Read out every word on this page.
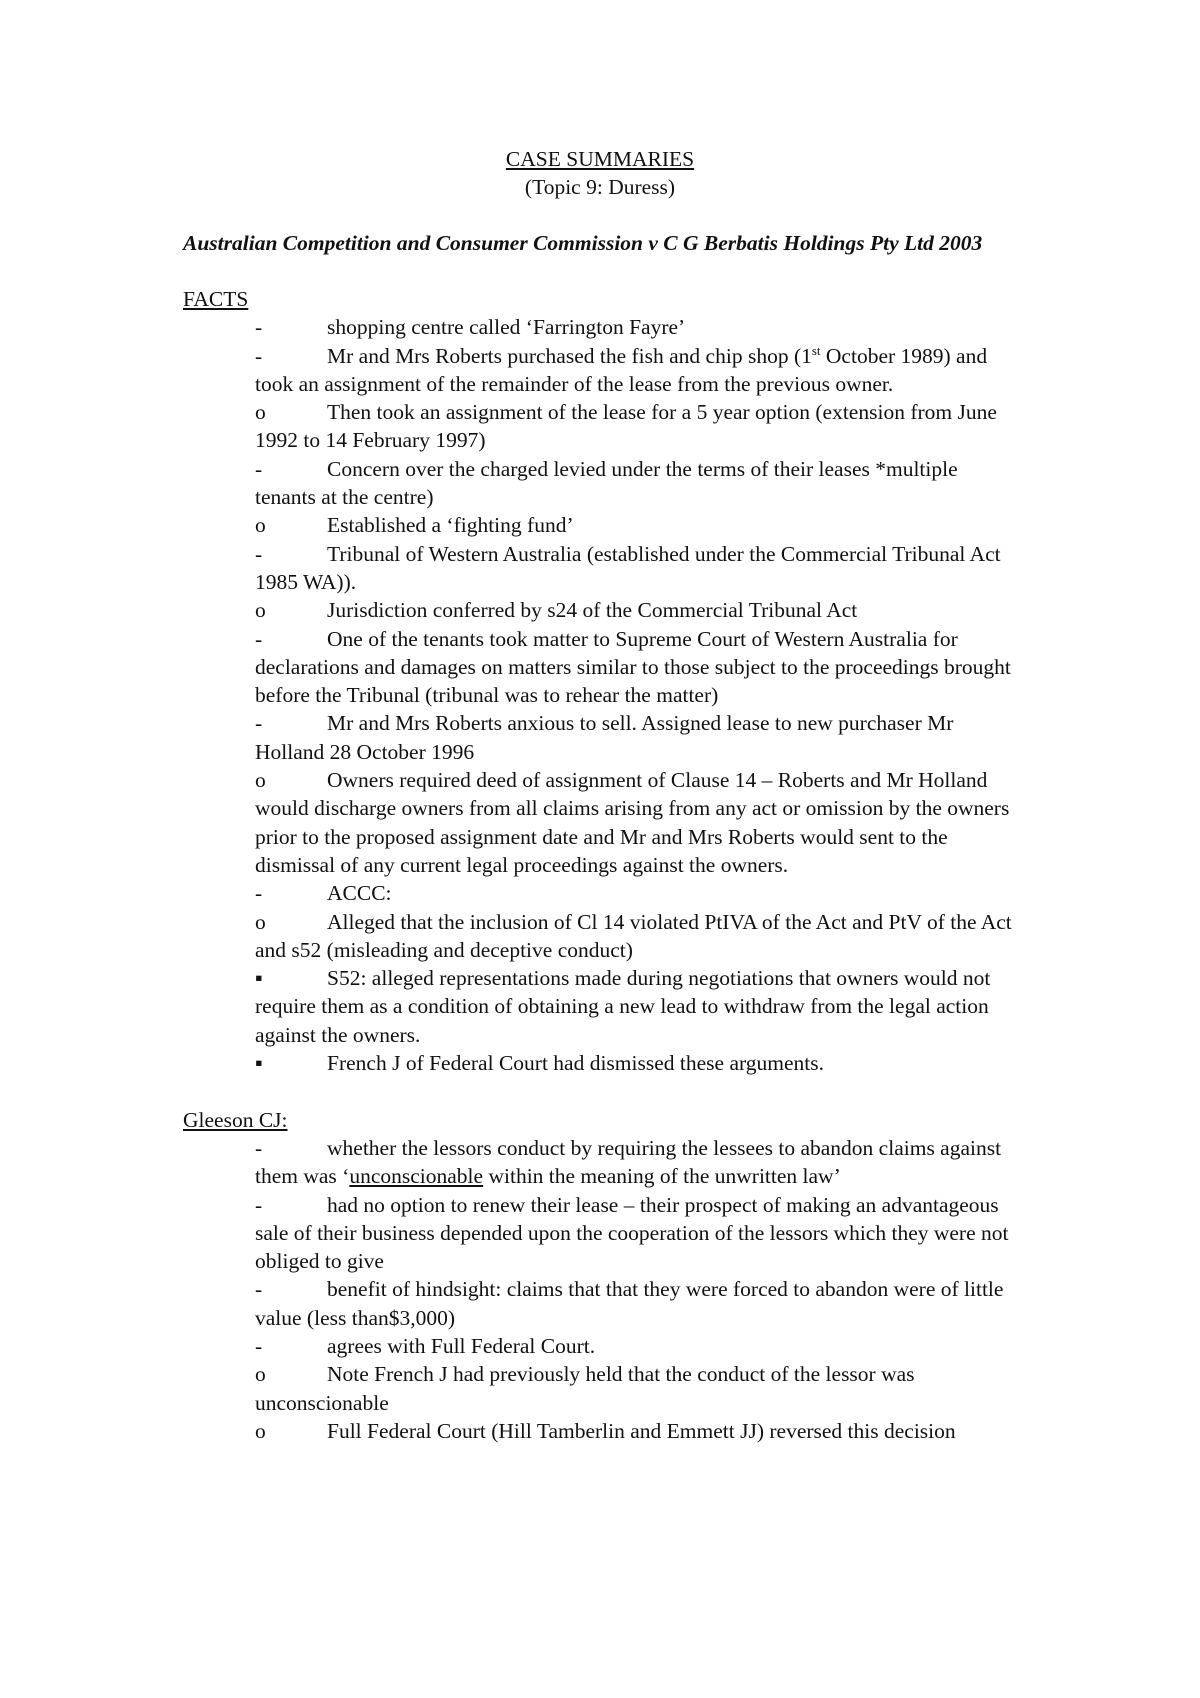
CASE SUMMARIES
(Topic 9: Duress)
Australian Competition and Consumer Commission v C G Berbatis Holdings Pty Ltd 2003
FACTS
-	shopping centre called ‘Farrington Fayre’
-	Mr and Mrs Roberts purchased the fish and chip shop (1st October 1989) and took an assignment of the remainder of the lease from the previous owner.
o	Then took an assignment of the lease for a 5 year option (extension from June 1992 to 14 February 1997)
-	Concern over the charged levied under the terms of their leases *multiple tenants at the centre)
o	Established a ‘fighting fund’
-	Tribunal of Western Australia (established under the Commercial Tribunal Act 1985 WA)).
o	Jurisdiction conferred by s24 of the Commercial Tribunal Act
-	One of the tenants took matter to Supreme Court of Western Australia for declarations and damages on matters similar to those subject to the proceedings brought before the Tribunal (tribunal was to rehear the matter)
-	Mr and Mrs Roberts anxious to sell. Assigned lease to new purchaser Mr Holland 28 October 1996
o	Owners required deed of assignment of Clause 14 – Roberts and Mr Holland would discharge owners from all claims arising from any act or omission by the owners prior to the proposed assignment date and Mr and Mrs Roberts would sent to the dismissal of any current legal proceedings against the owners.
-	ACCC:
o	Alleged that the inclusion of Cl 14 violated PtIVA of the Act and PtV of the Act and s52 (misleading and deceptive conduct)
▪	S52: alleged representations made during negotiations that owners would not require them as a condition of obtaining a new lead to withdraw from the legal action against the owners.
▪	French J of Federal Court had dismissed these arguments.
Gleeson CJ:
-	whether the lessors conduct by requiring the lessees to abandon claims against them was ‘unconscionable within the meaning of the unwritten law’
-	had no option to renew their lease – their prospect of making an advantageous sale of their business depended upon the cooperation of the lessors which they were not obliged to give
-	benefit of hindsight: claims that that they were forced to abandon were of little value (less than$3,000)
-	agrees with Full Federal Court.
o	Note French J had previously held that the conduct of the lessor was unconscionable
o	Full Federal Court (Hill Tamberlin and Emmett JJ) reversed this decision
